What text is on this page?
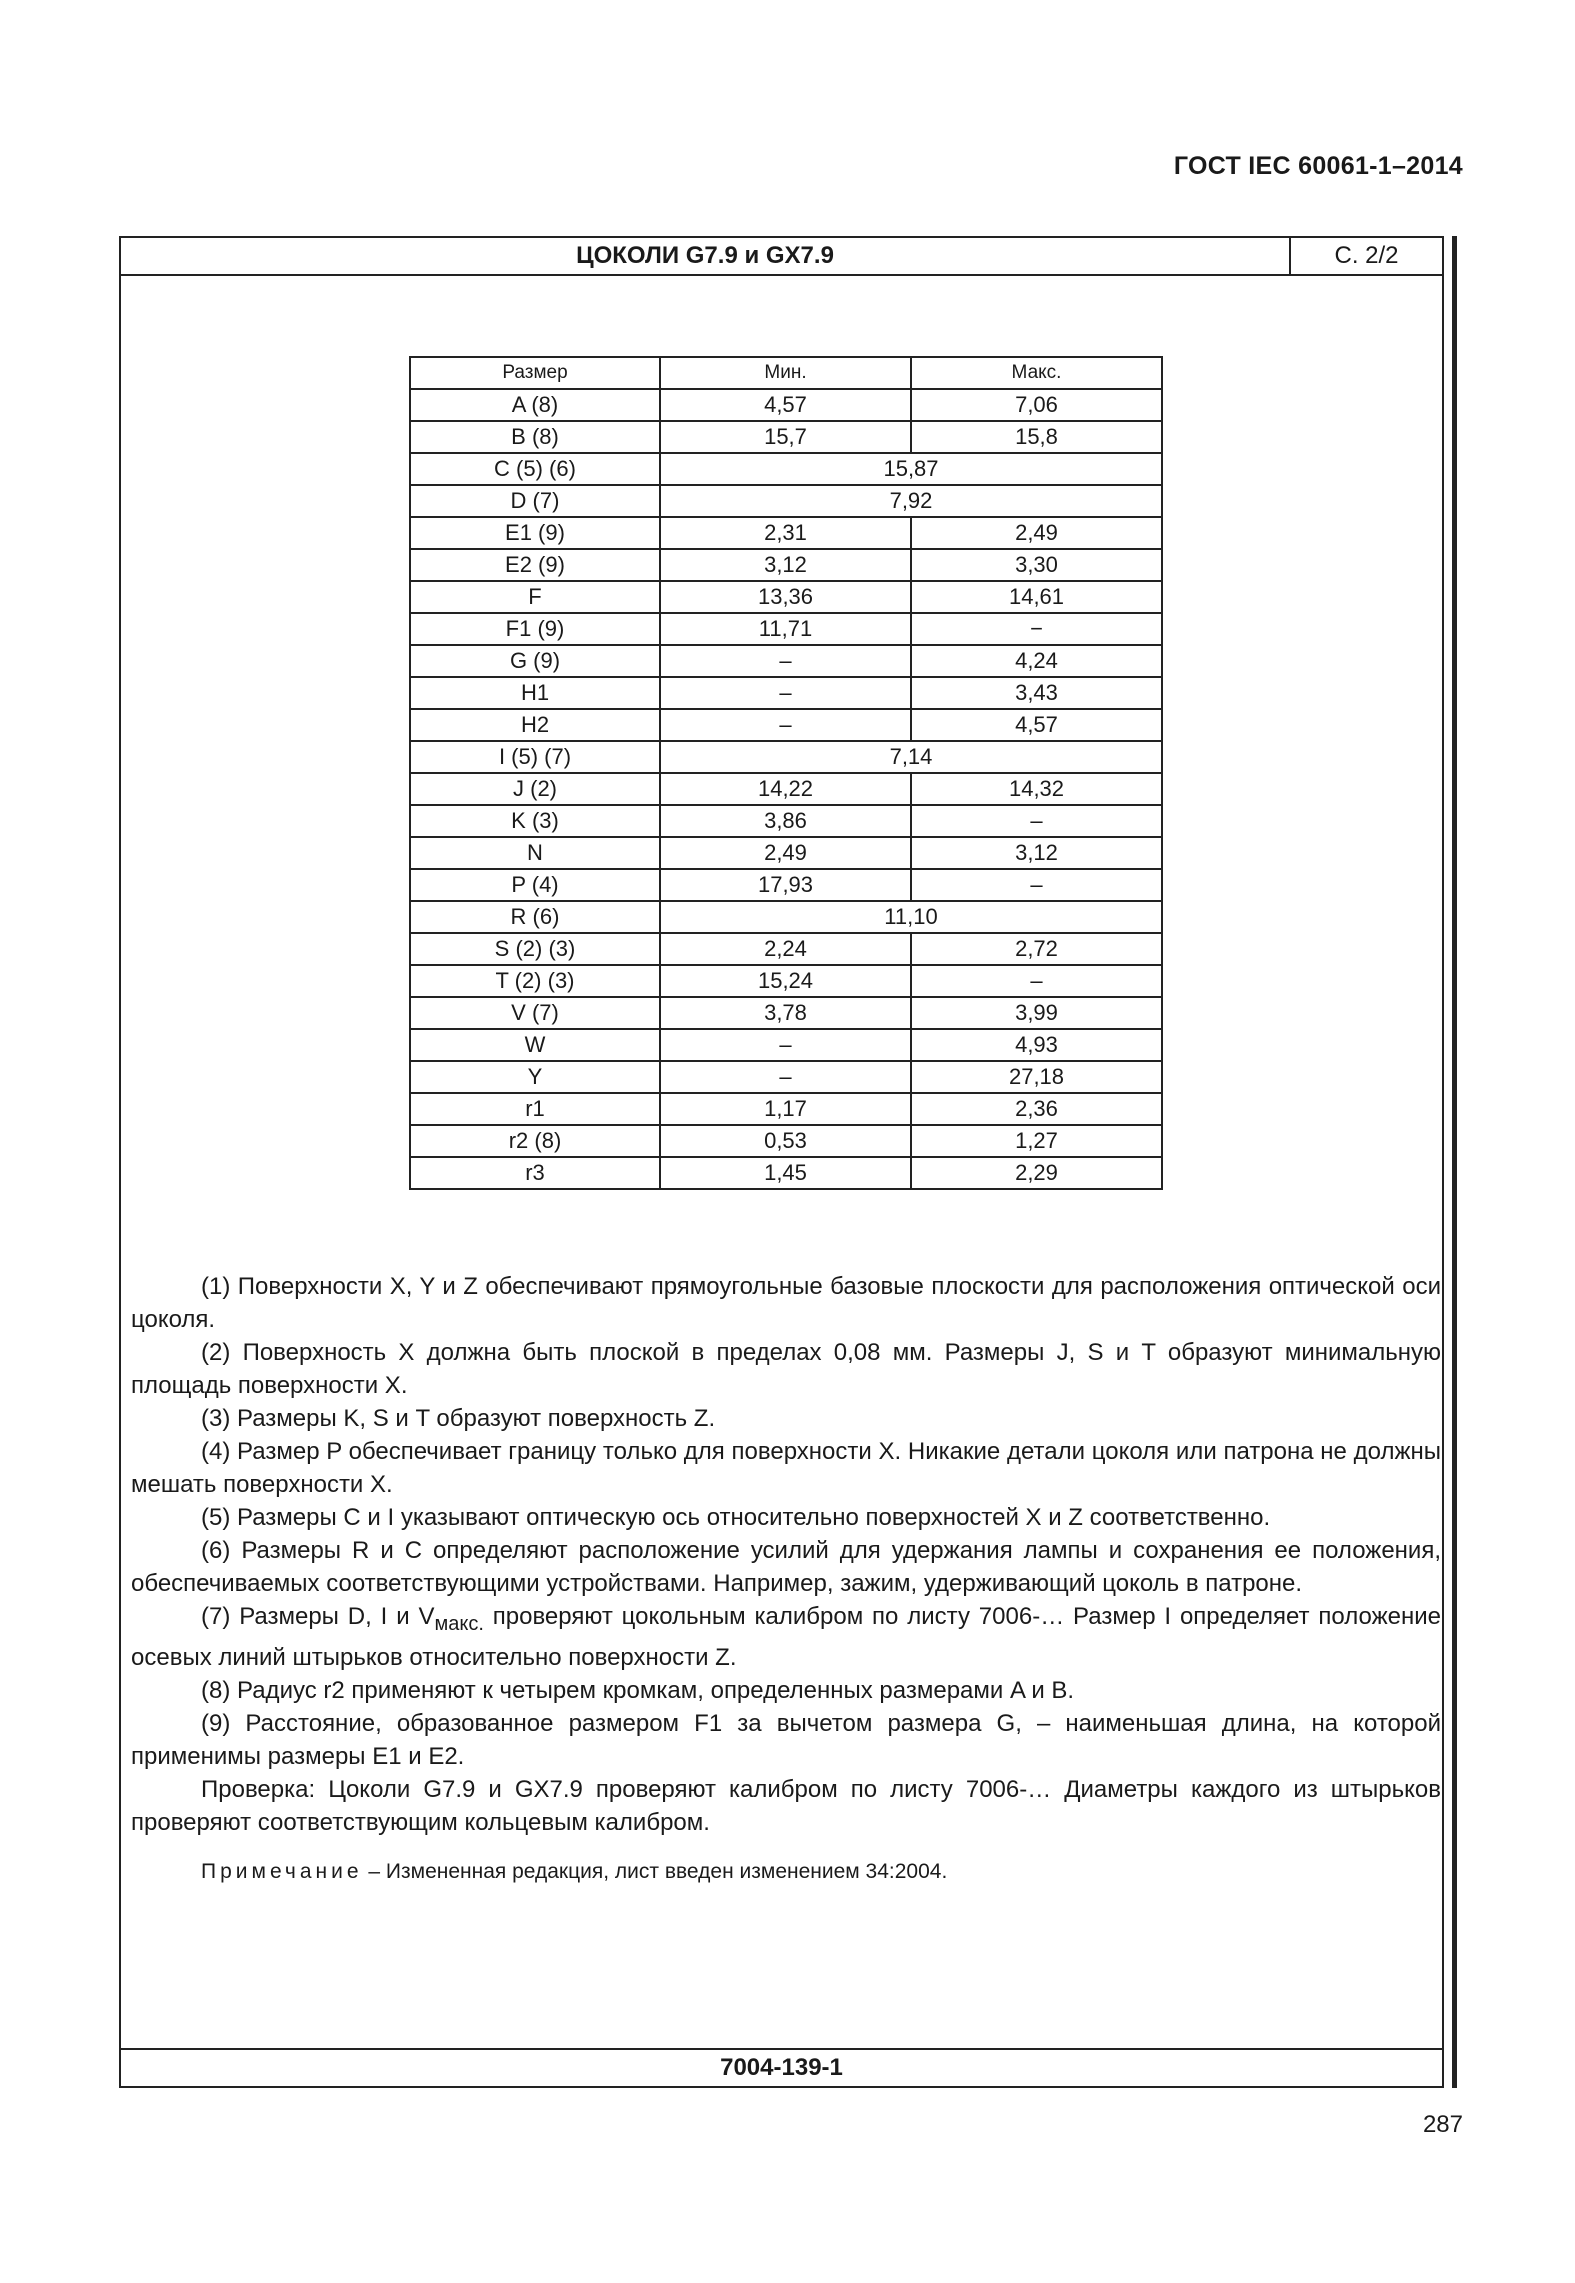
ГОСТ IEC 60061-1–2014
ЦОКОЛИ G7.9 и GX7.9	С. 2/2
Размер	Мин.	Макс.
A (8)	4,57	7,06
B (8)	15,7	15,8
C (5) (6)	15,87	
D (7)	7,92	
E1 (9)	2,31	2,49
E2 (9)	3,12	3,30
F	13,36	14,61
F1 (9)	11,71	−
G (9)	–	4,24
H1	–	3,43
H2	–	4,57
I (5) (7)	7,14	
J (2)	14,22	14,32
K (3)	3,86	–
N	2,49	3,12
P (4)	17,93	–
R (6)	11,10	
S (2) (3)	2,24	2,72
T (2) (3)	15,24	–
V (7)	3,78	3,99
W	–	4,93
Y	–	27,18
r1	1,17	2,36
r2 (8)	0,53	1,27
r3	1,45	2,29

(1) Поверхности X, Y и Z обеспечивают прямоугольные базовые плоскости для расположения оптической оси цоколя.

(2) Поверхность X должна быть плоской в пределах 0,08 мм. Размеры J, S и T образуют минимальную площадь поверхности X.

(3) Размеры K, S и T образуют поверхность Z.

(4) Размер P обеспечивает границу только для поверхности X. Никакие детали цоколя или патрона не должны мешать поверхности X.

(5) Размеры C и I указывают оптическую ось относительно поверхностей X и Z соответственно.

(6) Размеры R и C определяют расположение усилий для удержания лампы и сохранения ее положения, обеспечиваемых соответствующими устройствами. Например, зажим, удерживающий цоколь в патроне.

(7) Размеры D, I и $V_{макс.}$ проверяют цокольным калибром по листу 7006-… Размер I определяет положение осевых линий штырьков относительно поверхности Z.

(8) Радиус r2 применяют к четырем кромкам, определенных размерами A и B.

(9) Расстояние, образованное размером F1 за вычетом размера G, – наименьшая длина, на которой применимы размеры E1 и E2.

Проверка: Цоколи G7.9 и GX7.9 проверяют калибром по листу 7006-… Диаметры каждого из штырьков проверяют соответствующим кольцевым калибром.

Примечание – Измененная редакция, лист введен изменением 34:2004.

7004-139-1
287
